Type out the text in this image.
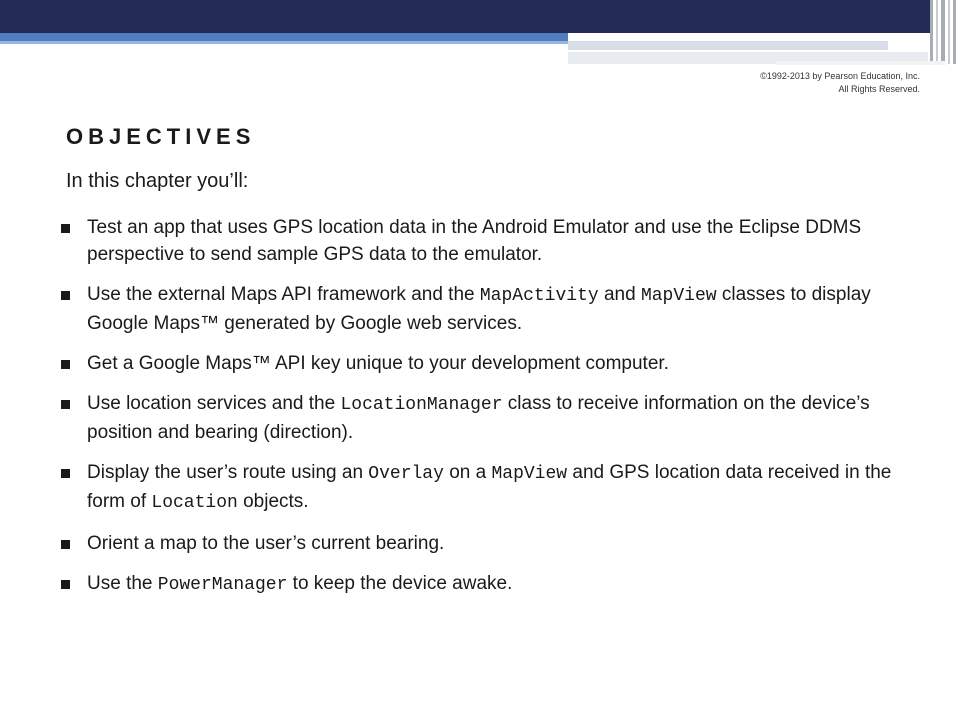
©1992-2013 by Pearson Education, Inc. All Rights Reserved.
OBJECTIVES

In this chapter you’ll:

Test an app that uses GPS location data in the Android Emulator and use the Eclipse DDMS perspective to send sample GPS data to the emulator.
Use the external Maps API framework and the MapActivity and MapView classes to display Google Maps™ generated by Google web services.
Get a Google Maps™ API key unique to your development computer.
Use location services and the LocationManager class to receive information on the device’s position and bearing (direction).
Display the user’s route using an Overlay on a MapView and GPS location data received in the form of Location objects.
Orient a map to the user’s current bearing.
Use the PowerManager to keep the device awake.
